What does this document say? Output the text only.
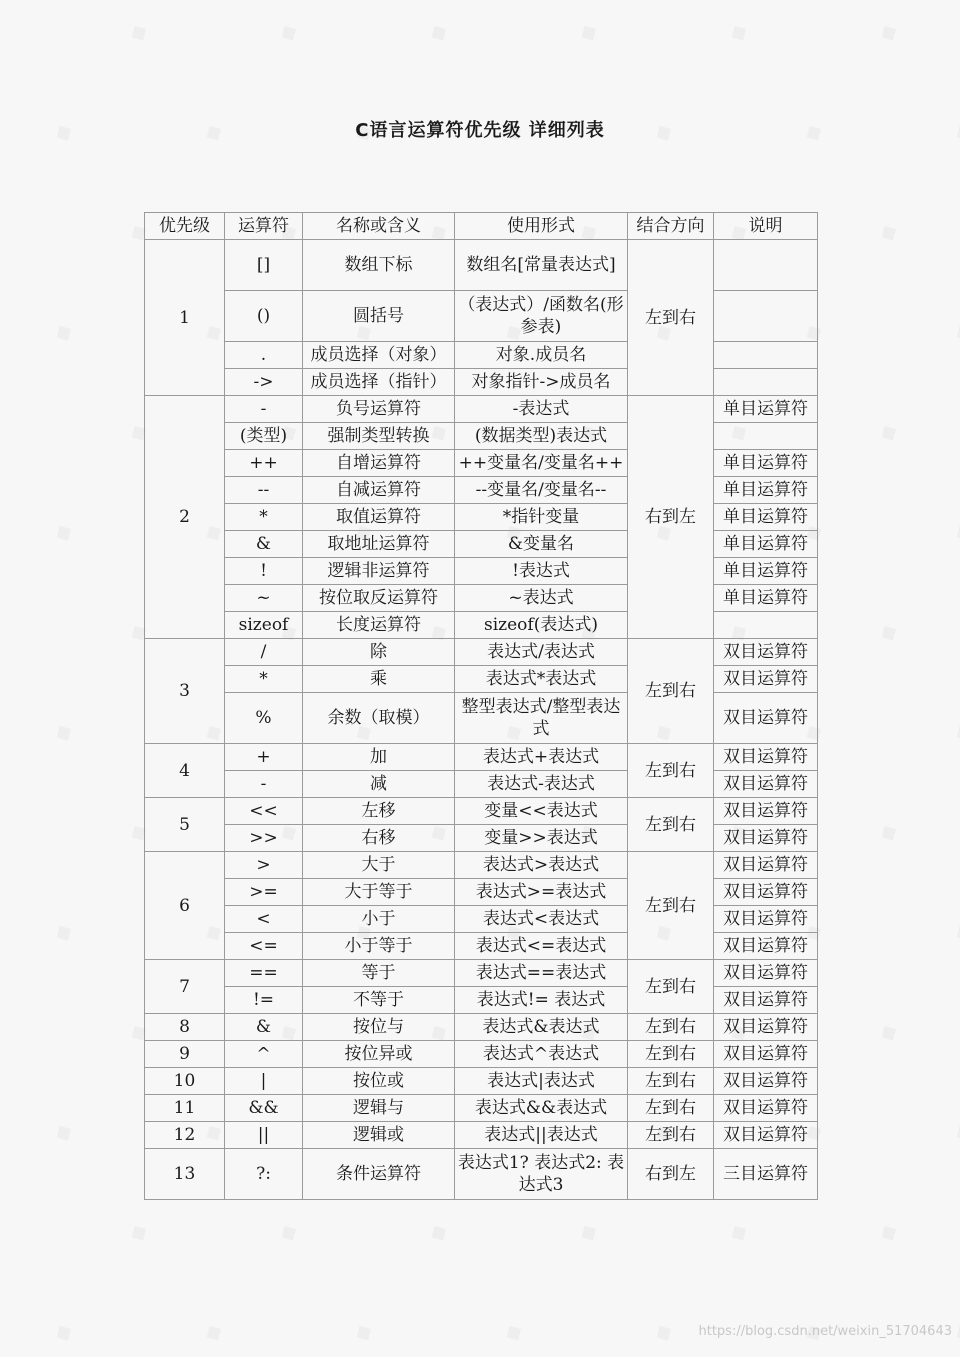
C语言运算符优先级 详细列表
优先级	运算符	名称或含义	使用形式	结合方向	说明
1	[]	数组下标	数组名[常量表达式]	左到右	
	()	圆括号	（表达式）/函数名(形参表)		
	.	成员选择（对象）	对象.成员名		
	->	成员选择（指针）	对象指针->成员名		
2	-	负号运算符	-表达式	右到左	单目运算符
	(类型)	强制类型转换	(数据类型)表达式		
	++	自增运算符	++变量名/变量名++		单目运算符
	--	自减运算符	--变量名/变量名--		单目运算符
	*	取值运算符	*指针变量		单目运算符
	&	取地址运算符	&变量名		单目运算符
	!	逻辑非运算符	!表达式		单目运算符
	~	按位取反运算符	~表达式		单目运算符
	sizeof	长度运算符	sizeof(表达式)		
3	/	除	表达式/表达式	左到右	双目运算符
	*	乘	表达式*表达式		双目运算符
	%	余数（取模）	整型表达式/整型表达式		双目运算符
4	+	加	表达式+表达式	左到右	双目运算符
	-	减	表达式-表达式		双目运算符
5	<<	左移	变量<<表达式	左到右	双目运算符
	>>	右移	变量>>表达式		双目运算符
6	>	大于	表达式>表达式	左到右	双目运算符
	>=	大于等于	表达式>=表达式		双目运算符
	<	小于	表达式<表达式		双目运算符
	<=	小于等于	表达式<=表达式		双目运算符
7	==	等于	表达式==表达式	左到右	双目运算符
	!=	不等于	表达式!= 表达式		双目运算符
8	&	按位与	表达式&表达式	左到右	双目运算符
9	^	按位异或	表达式^表达式	左到右	双目运算符
10	|	按位或	表达式|表达式	左到右	双目运算符
11	&&	逻辑与	表达式&&表达式	左到右	双目运算符
12	||	逻辑或	表达式||表达式	左到右	双目运算符
13	?:	条件运算符	表达式1? 表达式2: 表达式3	右到左	三目运算符
https://blog.csdn.net/weixin_51704643
